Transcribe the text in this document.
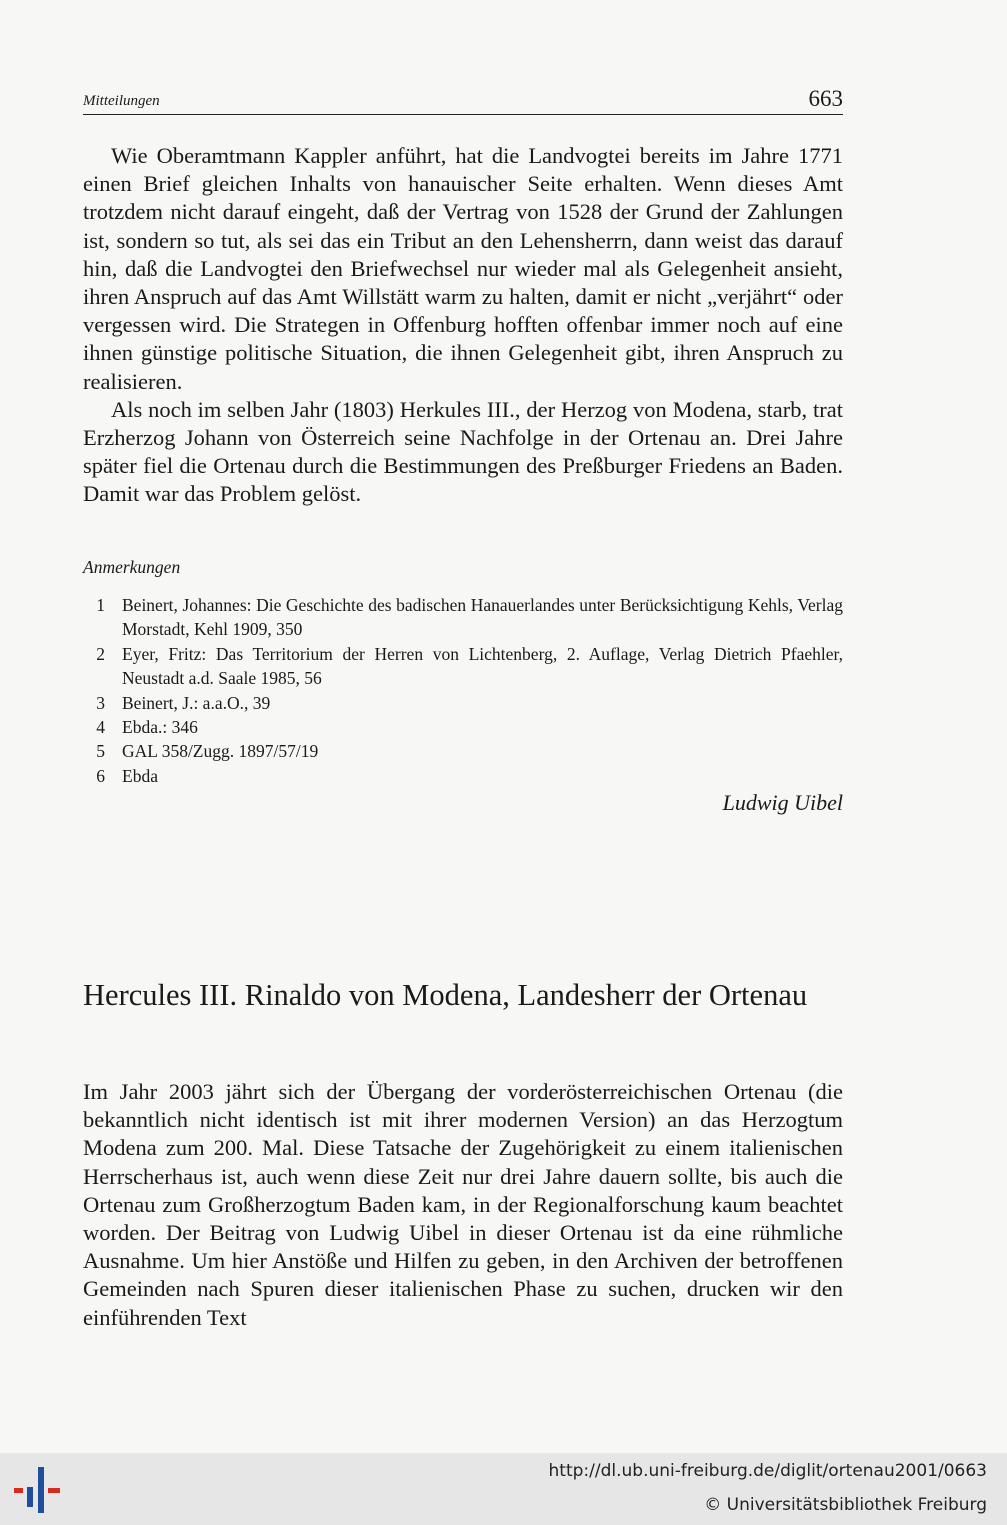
Mitteilungen	663

Wie Oberamtmann Kappler anführt, hat die Landvogtei bereits im Jahre 1771 einen Brief gleichen Inhalts von hanauischer Seite erhalten. Wenn dieses Amt trotzdem nicht darauf eingeht, daß der Vertrag von 1528 der Grund der Zahlungen ist, sondern so tut, als sei das ein Tribut an den Lehensherrn, dann weist das darauf hin, daß die Landvogtei den Briefwechsel nur wieder mal als Gelegenheit ansieht, ihren Anspruch auf das Amt Willstätt warm zu halten, damit er nicht „verjährt“ oder vergessen wird. Die Strategen in Offenburg hofften offenbar immer noch auf eine ihnen günstige politische Situation, die ihnen Gelegenheit gibt, ihren Anspruch zu realisieren.

Als noch im selben Jahr (1803) Herkules III., der Herzog von Modena, starb, trat Erzherzog Johann von Österreich seine Nachfolge in der Ortenau an. Drei Jahre später fiel die Ortenau durch die Bestimmungen des Preßburger Friedens an Baden. Damit war das Problem gelöst.

Anmerkungen
1 Beinert, Johannes: Die Geschichte des badischen Hanauerlandes unter Berücksichtigung Kehls, Verlag Morstadt, Kehl 1909, 350
2 Eyer, Fritz: Das Territorium der Herren von Lichtenberg, 2. Auflage, Verlag Dietrich Pfaehler, Neustadt a.d. Saale 1985, 56
3 Beinert, J.: a.a.O., 39
4 Ebda.: 346
5 GAL 358/Zugg. 1897/57/19
6 Ebda
Ludwig Uibel
Hercules III. Rinaldo von Modena, Landesherr der Ortenau

Im Jahr 2003 jährt sich der Übergang der vorderösterreichischen Ortenau (die bekanntlich nicht identisch ist mit ihrer modernen Version) an das Herzogtum Modena zum 200. Mal. Diese Tatsache der Zugehörigkeit zu einem italienischen Herrscherhaus ist, auch wenn diese Zeit nur drei Jahre dauern sollte, bis auch die Ortenau zum Großherzogtum Baden kam, in der Regionalforschung kaum beachtet worden. Der Beitrag von Ludwig Uibel in dieser Ortenau ist da eine rühmliche Ausnahme. Um hier Anstöße und Hilfen zu geben, in den Archiven der betroffenen Gemeinden nach Spuren dieser italienischen Phase zu suchen, drucken wir den einführenden Text

http://dl.ub.uni-freiburg.de/diglit/ortenau2001/0663
© Universitätsbibliothek Freiburg
